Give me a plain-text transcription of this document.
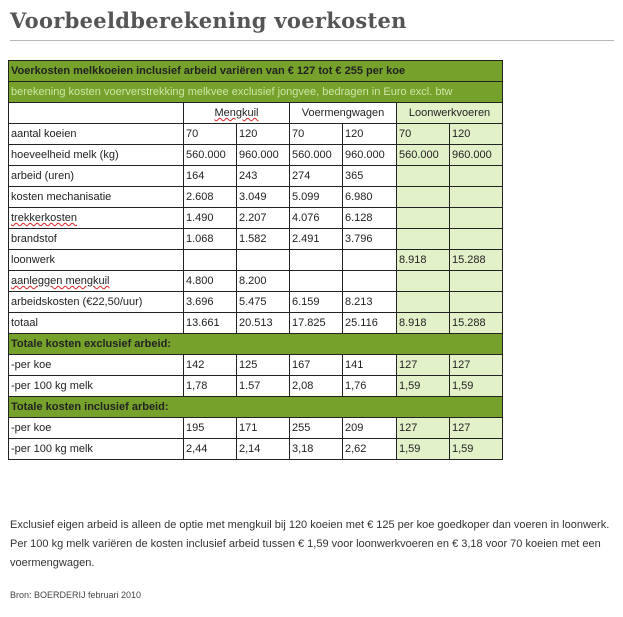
Voorbeeldberekening voerkosten
Voerkosten melkkoeien inclusief arbeid variëren van € 127 tot € 255 per koe						
berekening kosten voerverstrekking melkvee exclusief jongvee, bedragen in Euro excl. btw						
	Mengkuil		Voermengwagen		Loonwerkvoeren	
aantal koeien	70	120	70	120	70	120
hoeveelheid melk (kg)	560.000	960.000	560.000	960.000	560.000	960.000
arbeid (uren)	164	243	274	365		
kosten mechanisatie	2.608	3.049	5.099	6.980		
trekkerkosten	1.490	2.207	4.076	6.128		
brandstof	1.068	1.582	2.491	3.796		
loonwerk					8.918	15.288
aanleggen mengkuil	4.800	8.200				
arbeidskosten (€22,50/uur)	3.696	5.475	6.159	8.213		
totaal	13.661	20.513	17.825	25.116	8.918	15.288
Totale kosten exclusief arbeid:						
-per koe	142	125	167	141	127	127
-per 100 kg melk	1,78	1.57	2,08	1,76	1,59	1,59
Totale kosten inclusief arbeid:						
-per koe	195	171	255	209	127	127
-per 100 kg melk	2,44	2,14	3,18	2,62	1,59	1,59
Exclusief eigen arbeid is alleen de optie met mengkuil bij 120 koeien met € 125 per koe goedkoper dan voeren in loonwerk. Per 100 kg melk variëren de kosten inclusief arbeid tussen € 1,59 voor loonwerkvoeren en € 3,18 voor 70 koeien met een voermengwagen.
Bron: BOERDERIJ februari 2010
